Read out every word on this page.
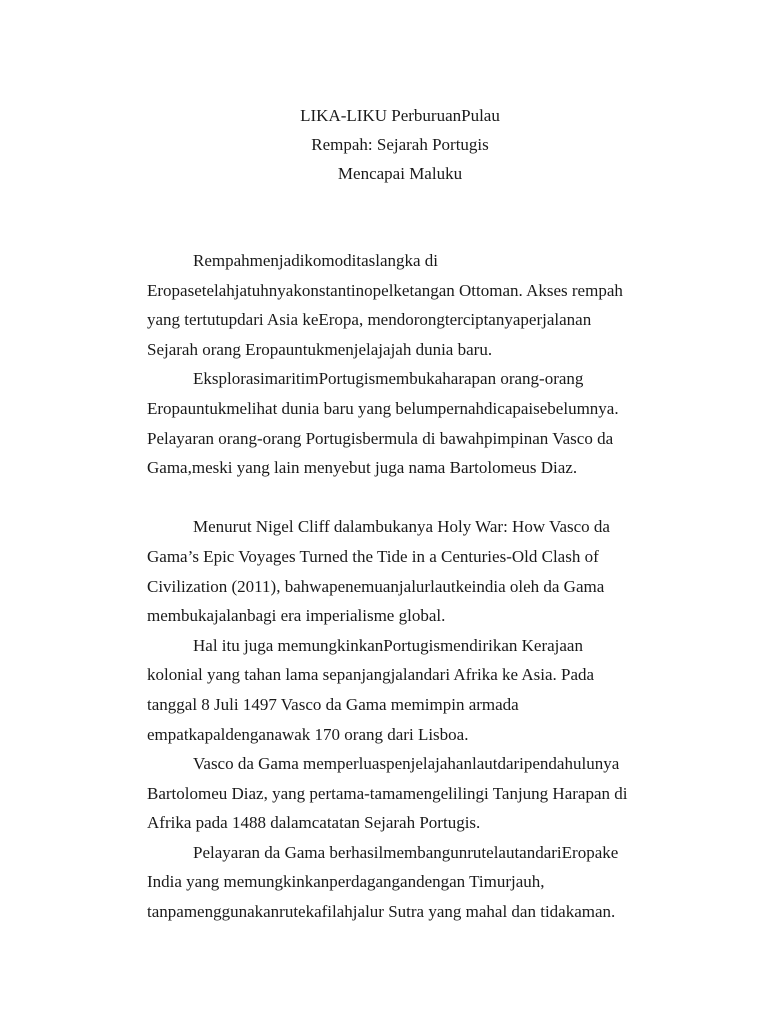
LIKA-LIKU PerburuanPulau
Rempah: Sejarah Portugis
Mencapai Maluku

Rempahmenjadikomoditaslangka di
Eropasetelahjatuhnyakonstantinopelketangan Ottoman. Akses rempah
yang tertutupdari Asia keEropa, mendorongterciptanyaperjalanan
Sejarah orang Eropauntukmenjelajajah dunia baru.

EksplorasimaritimPortugismembukaharapan orang-orang
Eropauntukmelihat dunia baru yang belumpernahdicapaisebelumnya.
Pelayaran orang-orang Portugisbermula di bawahpimpinan Vasco da
Gama,meski yang lain menyebut juga nama Bartolomeus Diaz.

Menurut Nigel Cliff dalambukanya Holy War: How Vasco da
Gama’s Epic Voyages Turned the Tide in a Centuries-Old Clash of
Civilization (2011), bahwapenemuanjalurlautkeindia oleh da Gama
membukajalanbagi era imperialisme global.

Hal itu juga memungkinkanPortugismendirikan Kerajaan
kolonial yang tahan lama sepanjangjalandari Afrika ke Asia. Pada
tanggal 8 Juli 1497 Vasco da Gama memimpin armada
empatkapaldenganawak 170 orang dari Lisboa.

Vasco da Gama memperluaspenjelajahanlautdaripendahulunya
Bartolomeu Diaz, yang pertama-tamamengelilingi Tanjung Harapan di
Afrika pada 1488 dalamcatatan Sejarah Portugis.

Pelayaran da Gama berhasilmembangunrutelautandariEropake
India yang memungkinkanperdagangandengan Timurjauh,
tanpamenggunakanrutekafilahjalur Sutra yang mahal dan tidakaman.
